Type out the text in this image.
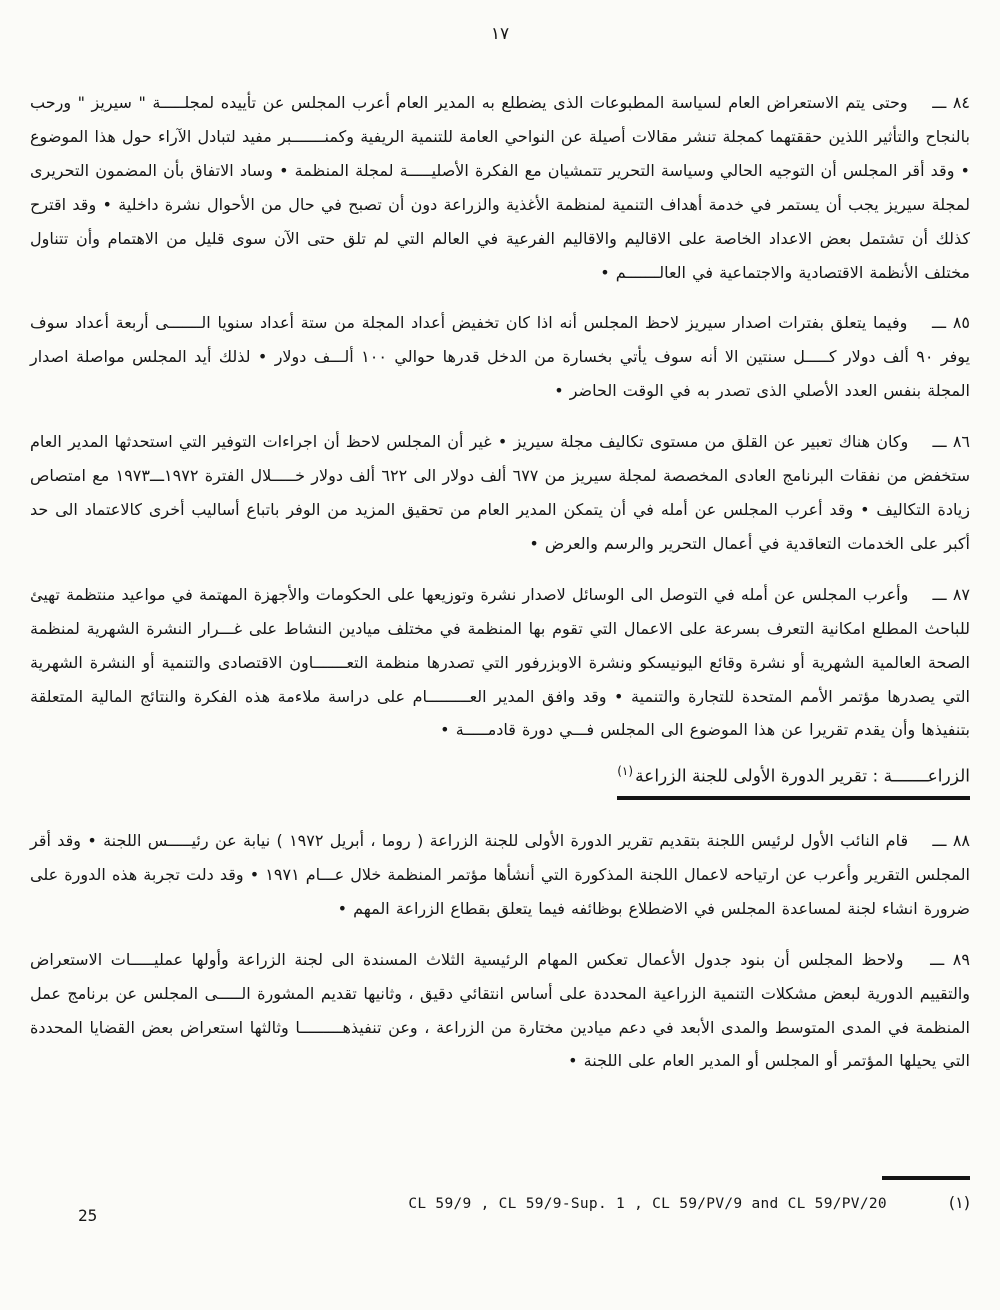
١٧

٨٤ ـــ وحتى يتم الاستعراض العام لسياسة المطبوعات الذى يضطلع به المدير العام أعرب المجلس عن تأييده لمجلـــــة " سيريز " ورحب بالنجاح والتأثير اللذين حققتهما كمجلة تنشر مقالات أصيلة عن النواحي العامة للتنمية الريفية وكمنـــــــبر مفيد لتبادل الآراء حول هذا الموضوع • وقد أقر المجلس أن التوجيه الحالي وسياسة التحرير تتمشيان مع الفكرة الأصليـــــة لمجلة المنظمة • وساد الاتفاق بأن المضمون التحريرى لمجلة سيريز يجب أن يستمر في خدمة أهداف التنمية لمنظمة الأغذية والزراعة دون أن تصبح في حال من الأحوال نشرة داخلية • وقد اقترح كذلك أن تشتمل بعض الاعداد الخاصة على الاقاليم والاقاليم الفرعية في العالم التي لم تلق حتى الآن سوى قليل من الاهتمام وأن تتناول مختلف الأنظمة الاقتصادية والاجتماعية في العالـــــــم •

٨٥ ـــ وفيما يتعلق بفترات اصدار سيريز لاحظ المجلس أنه اذا كان تخفيض أعداد المجلة من ستة أعداد سنويا الـــــــى أربعة أعداد سوف يوفر ٩٠ ألف دولار كـــــل سنتين الا أنه سوف يأتي بخسارة من الدخل قدرها حوالي ١٠٠ ألـــف دولار • لذلك أيد المجلس مواصلة اصدار المجلة بنفس العدد الأصلي الذى تصدر به في الوقت الحاضر •

٨٦ ـــ وكان هناك تعبير عن القلق من مستوى تكاليف مجلة سيريز • غير أن المجلس لاحظ أن اجراءات التوفير التي استحدثها المدير العام ستخفض من نفقات البرنامج العادى المخصصة لمجلة سيريز من ٦٧٧ ألف دولار الى ٦٢٢ ألف دولار خـــــلال الفترة ١٩٧٢ـــ١٩٧٣ مع امتصاص زيادة التكاليف • وقد أعرب المجلس عن أمله في أن يتمكن المدير العام من تحقيق المزيد من الوفر باتباع أساليب أخرى كالاعتماد الى حد أكبر على الخدمات التعاقدية في أعمال التحرير والرسم والعرض •

٨٧ ـــ وأعرب المجلس عن أمله في التوصل الى الوسائل لاصدار نشرة وتوزيعها على الحكومات والأجهزة المهتمة في مواعيد منتظمة تهيئ للباحث المطلع امكانية التعرف بسرعة على الاعمال التي تقوم بها المنظمة في مختلف ميادين النشاط على غـــرار النشرة الشهرية لمنظمة الصحة العالمية الشهرية أو نشرة وقائع اليونيسكو ونشرة الاوبزرفور التي تصدرها منظمة التعـــــــاون الاقتصادى والتنمية أو النشرة الشهرية التي يصدرها مؤتمر الأمم المتحدة للتجارة والتنمية • وقد وافق المدير العـــــــــام على دراسة ملاءمة هذه الفكرة والنتائج المالية المتعلقة بتنفيذها وأن يقدم تقريرا عن هذا الموضوع الى المجلس فـــي دورة قادمـــــة •

الزراعـــــــة : تقرير الدورة الأولى للجنة الزراعة$^{(١)}$

٨٨ ـــ قام النائب الأول لرئيس اللجنة بتقديم تقرير الدورة الأولى للجنة الزراعة ( روما ، أبريل ١٩٧٢ ) نيابة عن رئيـــــس اللجنة • وقد أقر المجلس التقرير وأعرب عن ارتياحه لاعمال اللجنة المذكورة التي أنشأها مؤتمر المنظمة خلال عـــام ١٩٧١ • وقد دلت تجربة هذه الدورة على ضرورة انشاء لجنة لمساعدة المجلس في الاضطلاع بوظائفه فيما يتعلق بقطاع الزراعة المهم •

٨٩ ـــ ولاحظ المجلس أن بنود جدول الأعمال تعكس المهام الرئيسية الثلاث المسندة الى لجنة الزراعة وأولها عمليـــــات الاستعراض والتقييم الدورية لبعض مشكلات التنمية الزراعية المحددة على أساس انتقائي دقيق ، وثانيها تقديم المشورة الـــــى المجلس عن برنامج عمل المنظمة في المدى المتوسط والمدى الأبعد في دعم ميادين مختارة من الزراعة ، وعن تنفيذهـــــــــا وثالثها استعراض بعض القضايا المحددة التي يحيلها المؤتمر أو المجلس أو المدير العام على اللجنة •

(١)
CL 59/9 , CL 59/9-Sup. 1 , CL 59/PV/9 and CL 59/PV/20
25
